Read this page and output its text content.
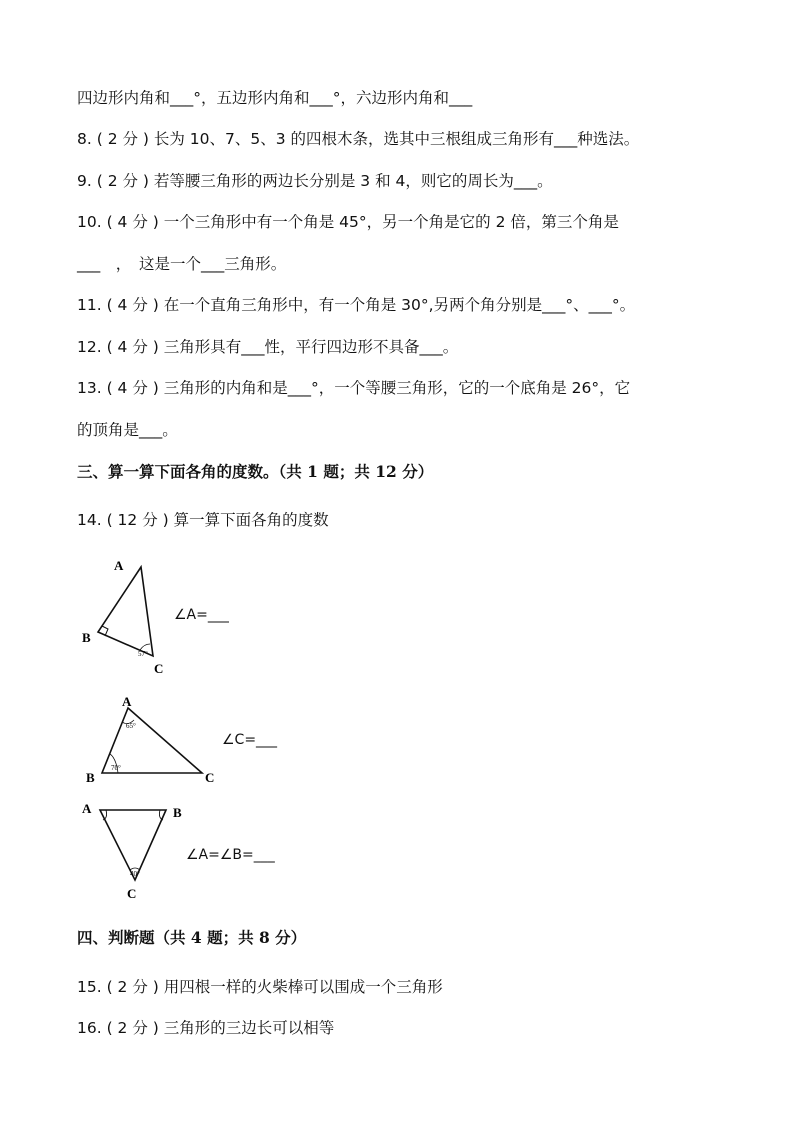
四边形内角和___°，五边形内角和___°，六边形内角和___
8. ( 2 分 ) 长为 10、7、5、3 的四根木条，选其中三根组成三角形有___种选法。
9. ( 2 分 ) 若等腰三角形的两边长分别是 3 和 4，则它的周长为___。
10. ( 4 分 ) 一个三角形中有一个角是 45°，另一个角是它的 2 倍，第三个角是
___　，　这是一个___三角形。
11. ( 4 分 ) 在一个直角三角形中，有一个角是 30°,另两个角分别是___°、___°。
12. ( 4 分 ) 三角形具有___性，平行四边形不具备___。
13. ( 4 分 ) 三角形的内角和是___°，一个等腰三角形，它的一个底角是 26°，它
的顶角是___。
三、算一算下面各角的度数。（共 1 题；共 12 分）
14. ( 12 分 ) 算一算下面各角的度数
A
B
C
57°
∠A=___
A
B	C
65°
70°
∠C=___
A	B
C
40°
∠A=∠B=___
四、判断题（共 4 题；共 8 分）
15. ( 2 分 ) 用四根一样的火柴棒可以围成一个三角形
16. ( 2 分 ) 三角形的三边长可以相等
